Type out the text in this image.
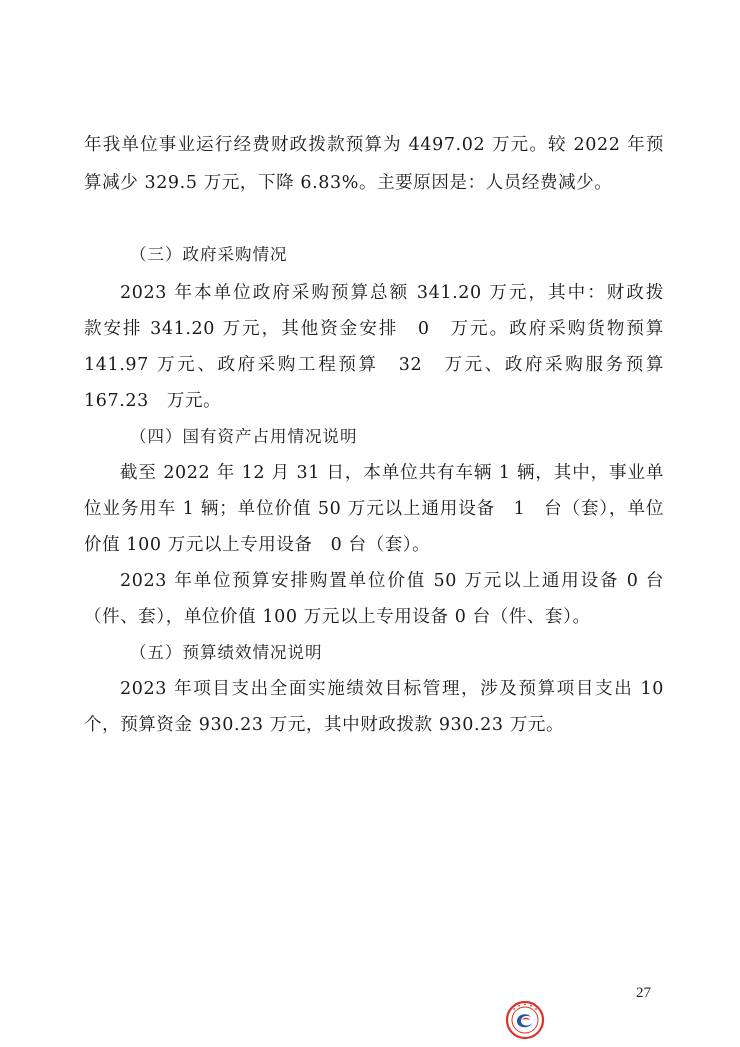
年我单位事业运行经费财政拨款预算为 4497.02 万元。较 2022 年预
算减少 329.5 万元，下降 6.83%。主要原因是：人员经费减少。
（三）政府采购情况
2023 年本单位政府采购预算总额 341.20 万元，其中：财政拨
款安排 341.20 万元，其他资金安排　0　万元。政府采购货物预算
141.97 万元、政府采购工程预算　32　万元、政府采购服务预算
167.23　万元。
（四）国有资产占用情况说明
截至 2022 年 12 月 31 日，本单位共有车辆 1 辆，其中，事业单
位业务用车 1 辆；单位价值 50 万元以上通用设备　1　台（套），单位
价值 100 万元以上专用设备　0 台（套）。
2023 年单位预算安排购置单位价值 50 万元以上通用设备 0 台
（件、套），单位价值 100 万元以上专用设备 0 台（件、套）。
（五）预算绩效情况说明
2023 年项目支出全面实施绩效目标管理，涉及预算项目支出 10
个，预算资金 930.23 万元，其中财政拨款 930.23 万元。
27
